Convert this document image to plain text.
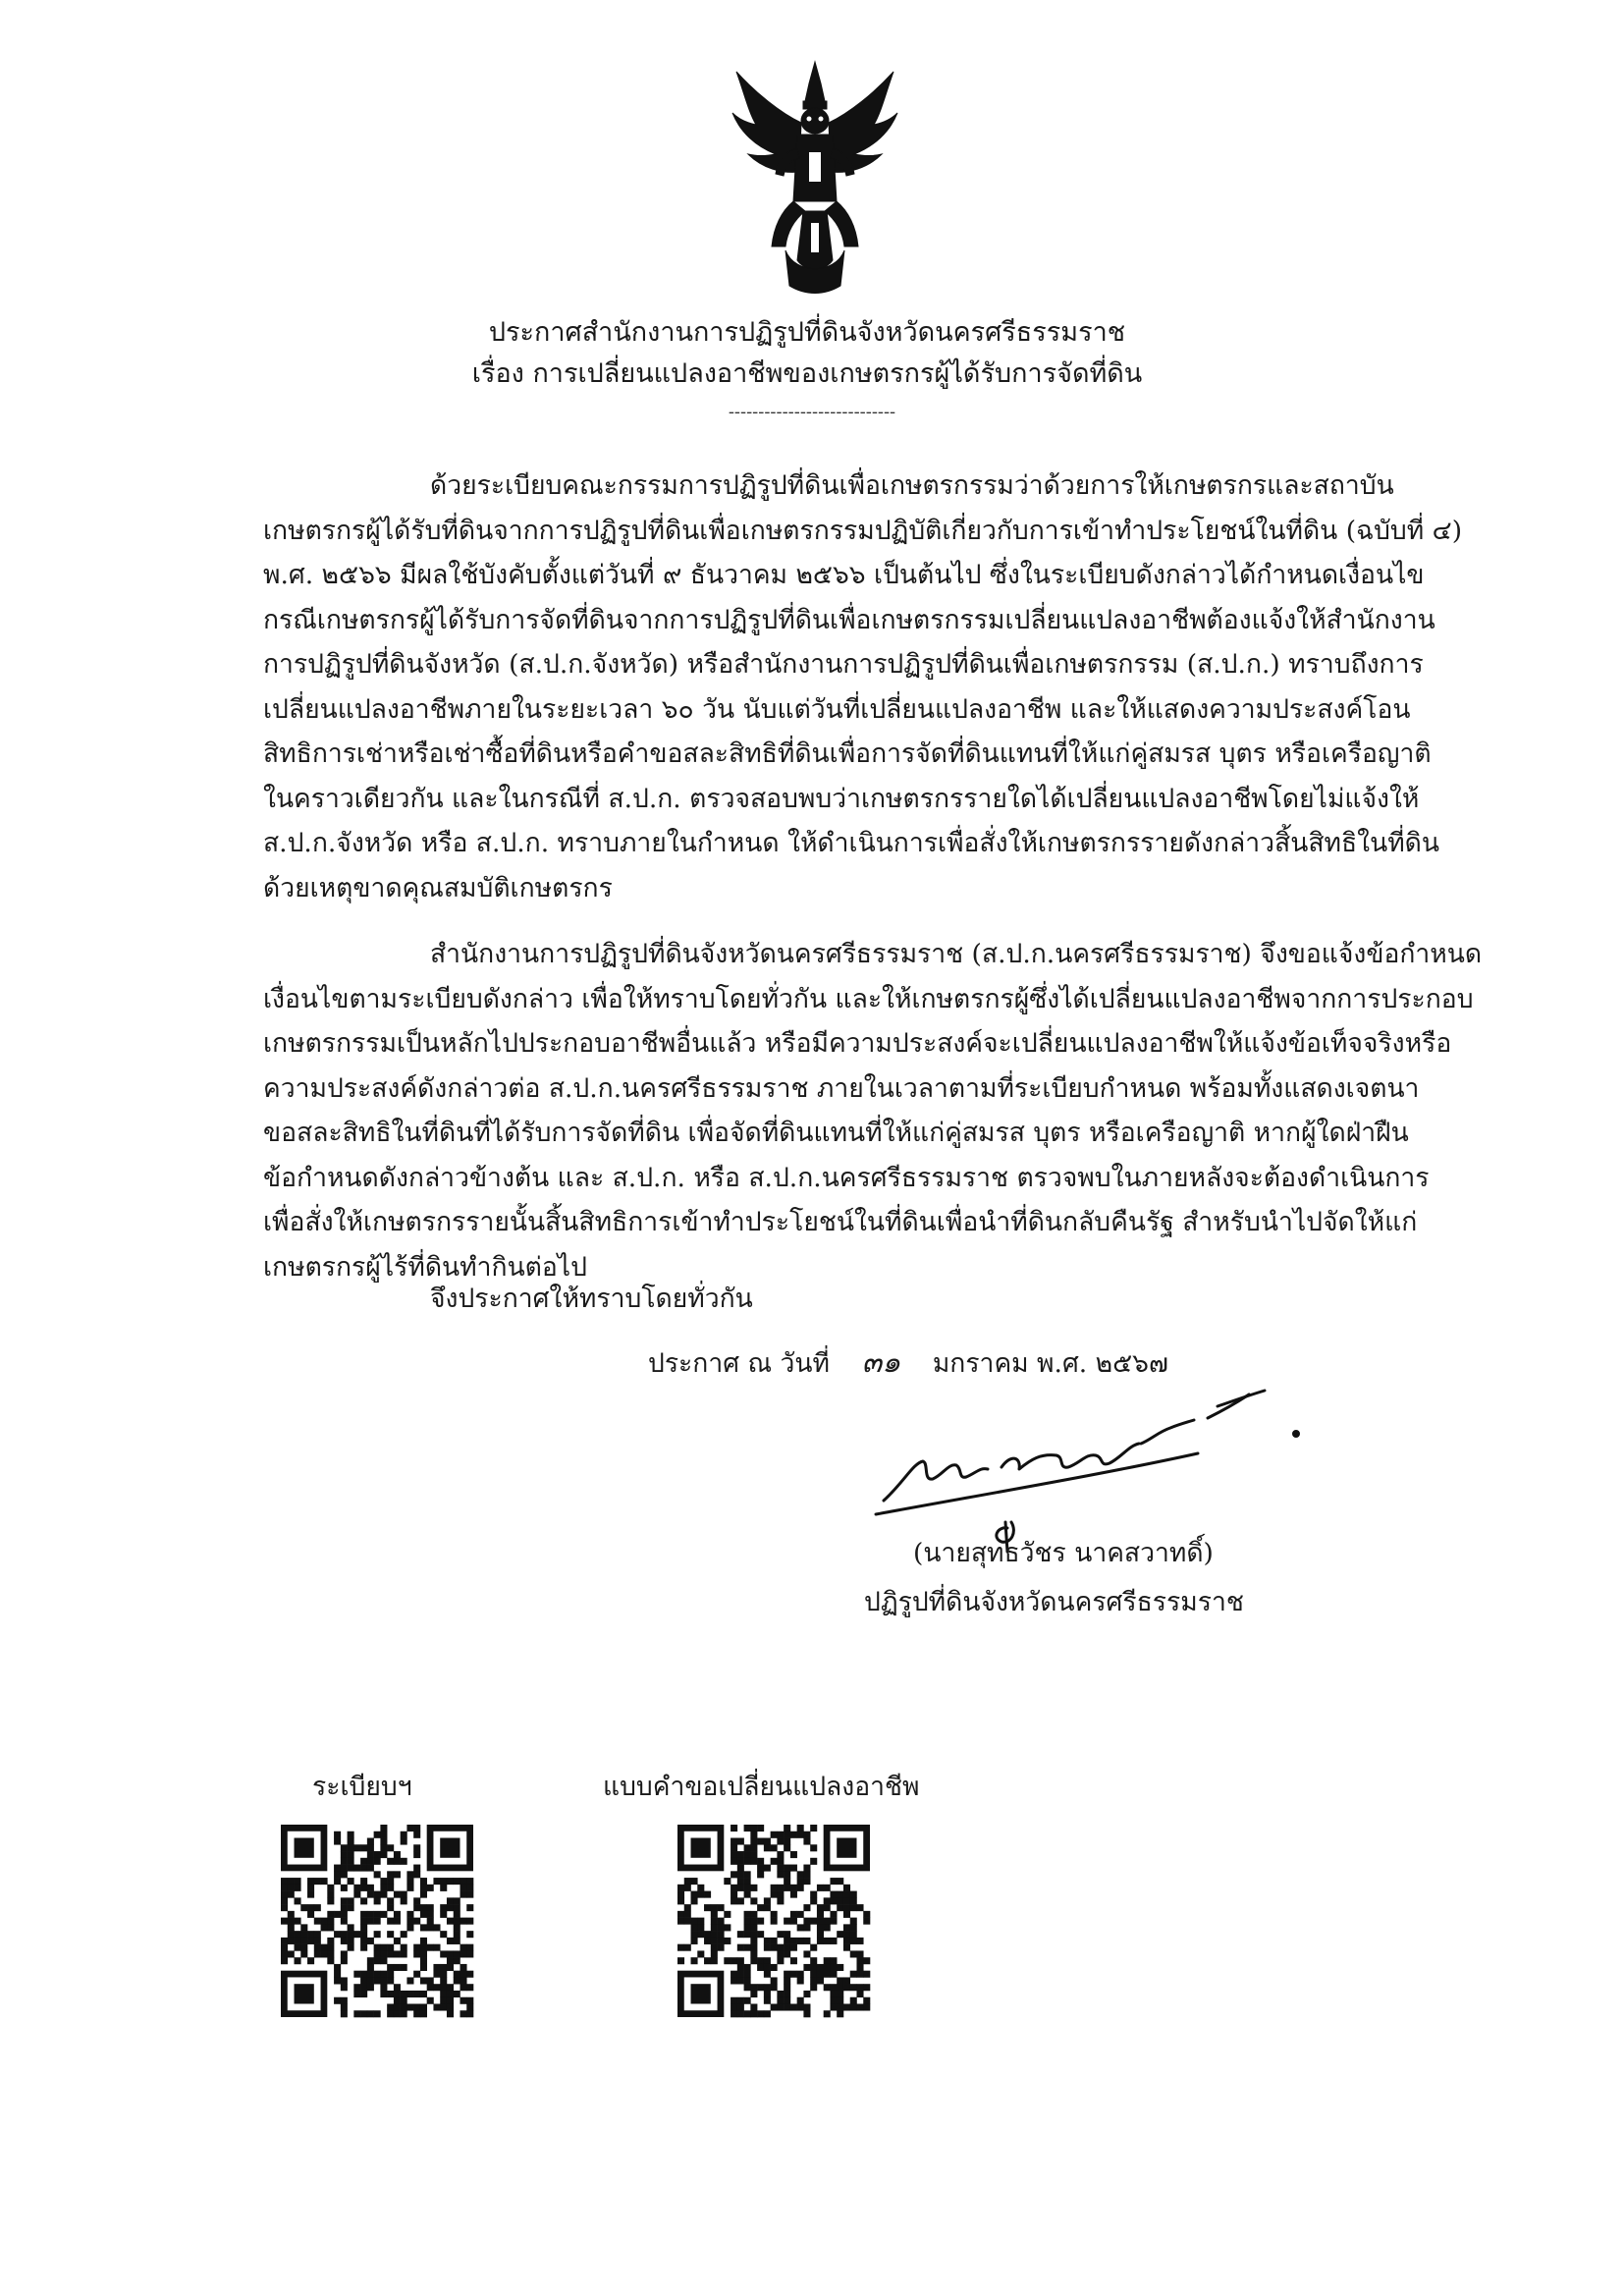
ประกาศสำนักงานการปฏิรูปที่ดินจังหวัดนครศรีธรรมราช
เรื่อง การเปลี่ยนแปลงอาชีพของเกษตรกรผู้ได้รับการจัดที่ดิน
----------------------------
ด้วยระเบียบคณะกรรมการปฏิรูปที่ดินเพื่อเกษตรกรรมว่าด้วยการให้เกษตรกรและสถาบัน
เกษตรกรผู้ได้รับที่ดินจากการปฏิรูปที่ดินเพื่อเกษตรกรรมปฏิบัติเกี่ยวกับการเข้าทำประโยชน์ในที่ดิน (ฉบับที่ ๔)
พ.ศ. ๒๕๖๖ มีผลใช้บังคับตั้งแต่วันที่ ๙ ธันวาคม ๒๕๖๖ เป็นต้นไป ซึ่งในระเบียบดังกล่าวได้กำหนดเงื่อนไข
กรณีเกษตรกรผู้ได้รับการจัดที่ดินจากการปฏิรูปที่ดินเพื่อเกษตรกรรมเปลี่ยนแปลงอาชีพต้องแจ้งให้สำนักงาน
การปฏิรูปที่ดินจังหวัด (ส.ป.ก.จังหวัด) หรือสำนักงานการปฏิรูปที่ดินเพื่อเกษตรกรรม (ส.ป.ก.) ทราบถึงการ
เปลี่ยนแปลงอาชีพภายในระยะเวลา ๖๐ วัน นับแต่วันที่เปลี่ยนแปลงอาชีพ และให้แสดงความประสงค์โอน
สิทธิการเช่าหรือเช่าซื้อที่ดินหรือคำขอสละสิทธิที่ดินเพื่อการจัดที่ดินแทนที่ให้แก่คู่สมรส บุตร หรือเครือญาติ
ในคราวเดียวกัน และในกรณีที่ ส.ป.ก. ตรวจสอบพบว่าเกษตรกรรายใดได้เปลี่ยนแปลงอาชีพโดยไม่แจ้งให้
ส.ป.ก.จังหวัด หรือ ส.ป.ก. ทราบภายในกำหนด ให้ดำเนินการเพื่อสั่งให้เกษตรกรรายดังกล่าวสิ้นสิทธิในที่ดิน
ด้วยเหตุขาดคุณสมบัติเกษตรกร
สำนักงานการปฏิรูปที่ดินจังหวัดนครศรีธรรมราช (ส.ป.ก.นครศรีธรรมราช) จึงขอแจ้งข้อกำหนด
เงื่อนไขตามระเบียบดังกล่าว เพื่อให้ทราบโดยทั่วกัน และให้เกษตรกรผู้ซึ่งได้เปลี่ยนแปลงอาชีพจากการประกอบ
เกษตรกรรมเป็นหลักไปประกอบอาชีพอื่นแล้ว หรือมีความประสงค์จะเปลี่ยนแปลงอาชีพให้แจ้งข้อเท็จจริงหรือ
ความประสงค์ดังกล่าวต่อ ส.ป.ก.นครศรีธรรมราช ภายในเวลาตามที่ระเบียบกำหนด พร้อมทั้งแสดงเจตนา
ขอสละสิทธิในที่ดินที่ได้รับการจัดที่ดิน เพื่อจัดที่ดินแทนที่ให้แก่คู่สมรส บุตร หรือเครือญาติ หากผู้ใดฝ่าฝืน
ข้อกำหนดดังกล่าวข้างต้น และ ส.ป.ก. หรือ ส.ป.ก.นครศรีธรรมราช ตรวจพบในภายหลังจะต้องดำเนินการ
เพื่อสั่งให้เกษตรกรรายนั้นสิ้นสิทธิการเข้าทำประโยชน์ในที่ดินเพื่อนำที่ดินกลับคืนรัฐ สำหรับนำไปจัดให้แก่
เกษตรกรผู้ไร้ที่ดินทำกินต่อไป
จึงประกาศให้ทราบโดยทั่วกัน
ประกาศ ณ วันที่ ๓๑ มกราคม พ.ศ. ๒๕๖๗
(นายสุทธวัชร นาคสวาทดิ์)
ปฏิรูปที่ดินจังหวัดนครศรีธรรมราช
ระเบียบฯ	แบบคำขอเปลี่ยนแปลงอาชีพ
